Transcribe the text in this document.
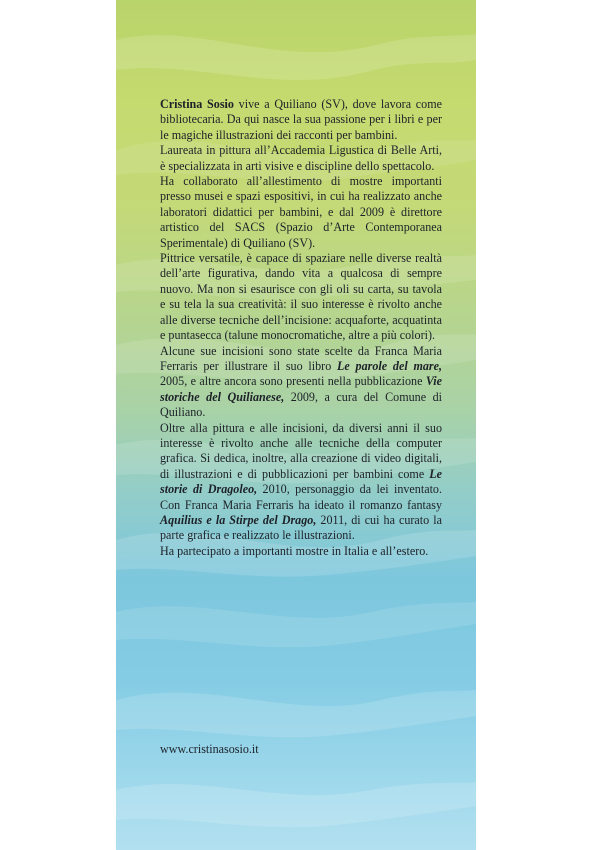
Cristina Sosio vive a Quiliano (SV), dove lavora come bibliotecaria. Da qui nasce la sua passione per i libri e per le magiche illustrazioni dei racconti per bambini.

Laureata in pittura all’Accademia Ligustica di Belle Arti, è specializzata in arti visive e discipline dello spettacolo.

Ha collaborato all’allestimento di mostre importanti presso musei e spazi espositivi, in cui ha realizzato anche laboratori didattici per bambini, e dal 2009 è direttore artistico del SACS (Spazio d’Arte Contemporanea Sperimentale) di Quiliano (SV).

Pittrice versatile, è capace di spaziare nelle diverse realtà dell’arte figurativa, dando vita a qualcosa di sempre nuovo. Ma non si esaurisce con gli oli su carta, su tavola e su tela la sua creatività: il suo interesse è rivolto anche alle diverse tecniche dell’incisione: acquaforte, acquatinta e puntasecca (talune monocromatiche, altre a più colori).

Alcune sue incisioni sono state scelte da Franca Maria Ferraris per illustrare il suo libro Le parole del mare, 2005, e altre ancora sono presenti nella pubblicazione Vie storiche del Quilianese, 2009, a cura del Comune di Quiliano.

Oltre alla pittura e alle incisioni, da diversi anni il suo interesse è rivolto anche alle tecniche della computer grafica. Si dedica, inoltre, alla creazione di video digitali, di illustrazioni e di pubblicazioni per bambini come Le storie di Dragoleo, 2010, personaggio da lei inventato. Con Franca Maria Ferraris ha ideato il romanzo fantasy Aquilius e la Stirpe del Drago, 2011, di cui ha curato la parte grafica e realizzato le illustrazioni.

Ha partecipato a importanti mostre in Italia e all’estero.

www.cristinasosio.it
